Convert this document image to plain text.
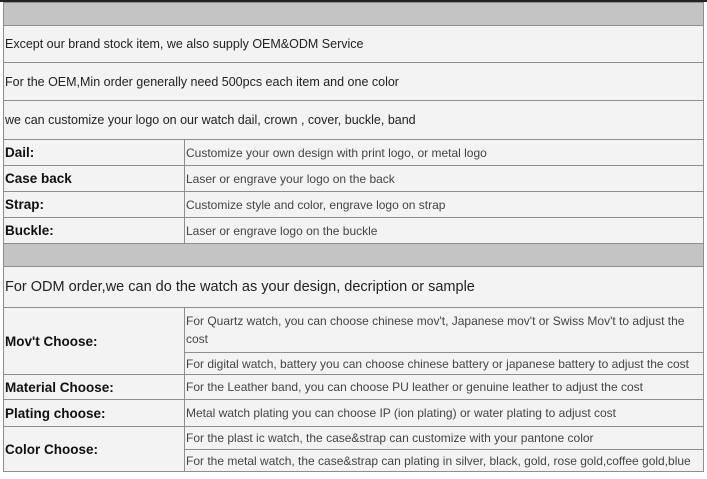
Except our brand stock item, we also supply OEM&ODM Service	
For the OEM,Min order generally need 500pcs each item and one color	
we can customize your logo on our watch dail, crown , cover, buckle, band	
Dail:	Customize your own design with print logo, or metal logo
Case back	Laser or engrave your logo on the back
Strap:	Customize style and color, engrave logo on strap
Buckle:	Laser or engrave logo on the buckle

For ODM order,we can do the watch as your design, decription or sample	
Mov't Choose:	For Quartz watch, you can choose chinese mov't, Japanese mov't or Swiss Mov't to adjust the cost
	For digital watch, battery you can choose chinese battery or japanese battery to adjust the cost
Material Choose:	For the Leather band, you can choose PU leather or genuine leather to adjust the cost
Plating choose:	Metal watch plating you can choose IP (ion plating) or water plating to adjust cost
Color Choose:	For the plast ic watch, the case&strap can customize with your pantone color
	For the metal watch, the case&strap can plating in silver, black, gold, rose gold,coffee gold,blue
